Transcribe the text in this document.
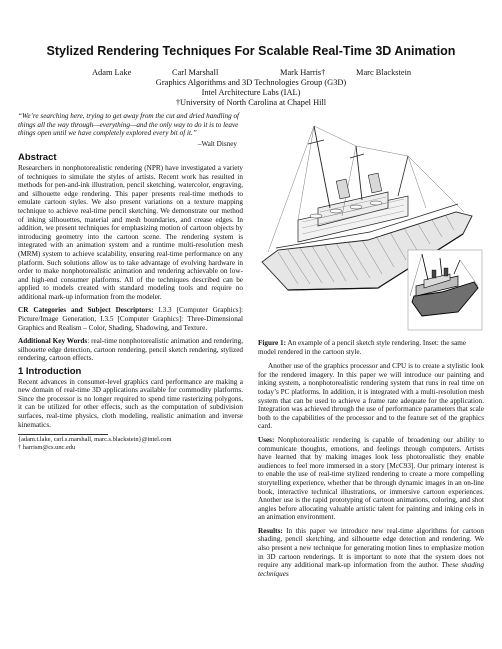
Stylized Rendering Techniques For Scalable Real-Time 3D Animation
Adam Lake	Carl Marshall	Mark Harris†	Marc Blackstein
Graphics Algorithms and 3D Technologies Group (G3D)
Intel Architecture Labs (IAL)
†University of North Carolina at Chapel Hill

“We’re searching here, trying to get away from the cut and dried handling of things all the way through—everything—and the only way to do it is to leave things open until we have completely explored every bit of it.”

–Walt Disney

Abstract

Researchers in nonphotorealistic rendering (NPR) have investigated a variety of techniques to simulate the styles of artists. Recent work has resulted in methods for pen-and-ink illustration, pencil sketching, watercolor, engraving, and silhouette edge rendering. This paper presents real-time methods to emulate cartoon styles. We also present variations on a texture mapping technique to achieve real-time pencil sketching. We demonstrate our method of inking silhouettes, material and mesh boundaries, and crease edges. In addition, we present techniques for emphasizing motion of cartoon objects by introducing geometry into the cartoon scene. The rendering system is integrated with an animation system and a runtime multi-resolution mesh (MRM) system to achieve scalability, ensuring real-time performance on any platform. Such solutions allow us to take advantage of evolving hardware in order to make nonphotorealistic animation and rendering achievable on low- and high-end consumer platforms. All of the techniques described can be applied to models created with standard modeling tools and require no additional mark-up information from the modeler.

CR Categories and Subject Descriptors: I.3.3 [Computer Graphics]: Picture/Image Generation, I.3.5 [Computer Graphics]: Three-Dimensional Graphics and Realism – Color, Shading, Shadowing, and Texture.

Additional Key Words: real-time nonphotorealistic animation and rendering, silhouette edge detection, cartoon rendering, pencil sketch rendering, stylized rendering, cartoon effects.

1 Introduction

Recent advances in consumer-level graphics card performance are making a new domain of real-time 3D applications available for commodity platforms. Since the processor is no longer required to spend time rasterizing polygons, it can be utilized for other effects, such as the computation of subdivision surfaces, real-time physics, cloth modeling, realistic animation and inverse kinematics.

{adam.t.lake, carl.s.marshall, marc.s.blackstein}@intel.com

† harrism@cs.unc.edu

Figure 1: An example of a pencil sketch style rendering. Inset: the same model rendered in the cartoon style.

Another use of the graphics processor and CPU is to create a stylistic look for the rendered imagery. In this paper we will introduce our painting and inking system, a nonphotorealistic rendering system that runs in real time on today’s PC platforms. In addition, it is integrated with a multi-resolution mesh system that can be used to achieve a frame rate adequate for the application. Integration was achieved through the use of performance parameters that scale both to the capabilities of the processor and to the feature set of the graphics card.

Uses: Nonphotorealistic rendering is capable of broadening our ability to communicate thoughts, emotions, and feelings through computers. Artists have learned that by making images look less photorealistic they enable audiences to feel more immersed in a story [McC93]. Our primary interest is to enable the use of real-time stylized rendering to create a more compelling storytelling experience, whether that be through dynamic images in an on-line book, interactive technical illustrations, or immersive cartoon experiences. Another use is the rapid prototyping of cartoon animations, coloring, and shot angles before allocating valuable artistic talent for painting and inking cels in an animation environment.

Results: In this paper we introduce new real-time algorithms for cartoon shading, pencil sketching, and silhouette edge detection and rendering. We also present a new technique for generating motion lines to emphasize motion in 3D cartoon renderings. It is important to note that the system does not require any additional mark-up information from the author. These shading techniques
